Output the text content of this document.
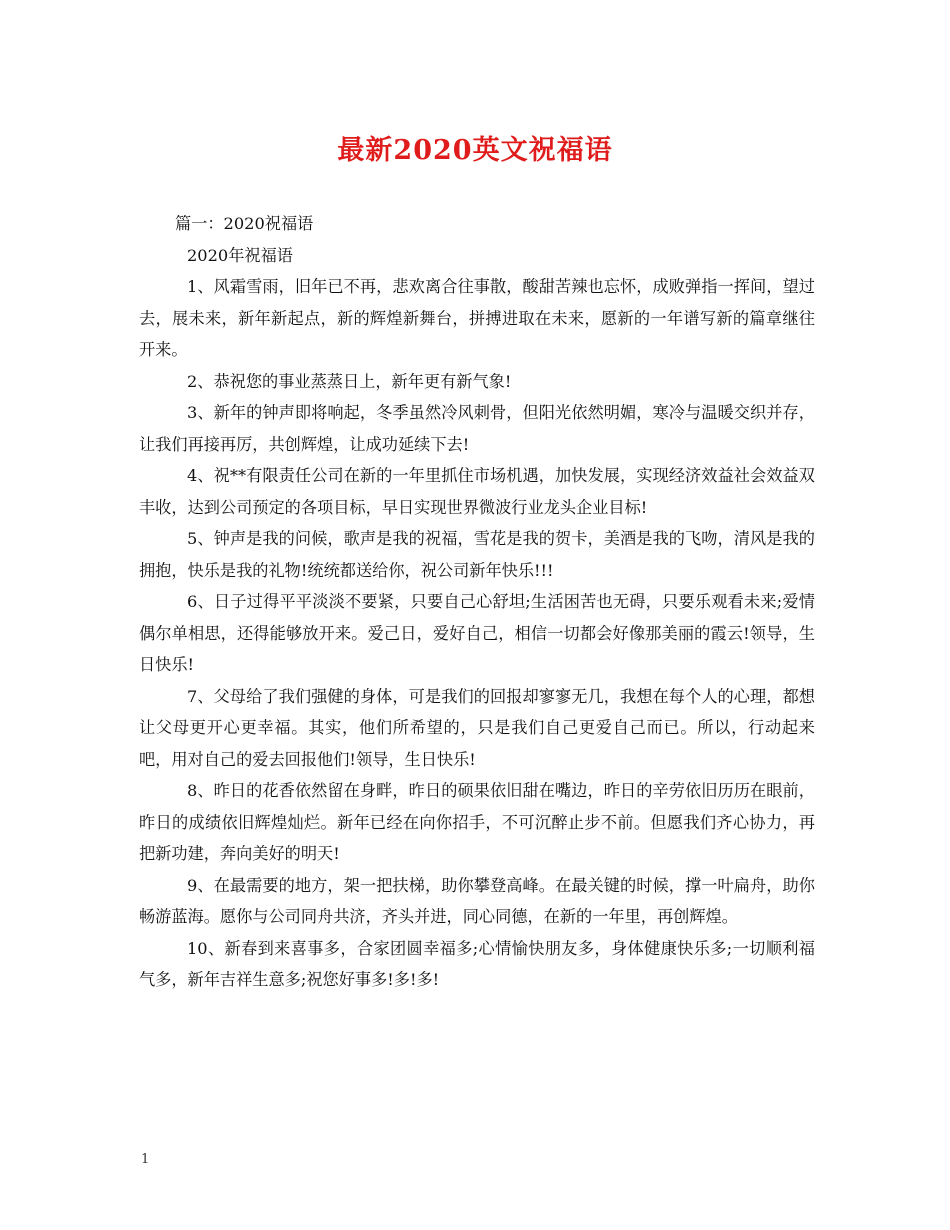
最新2020英文祝福语
篇一：2020祝福语
2020年祝福语

1、风霜雪雨，旧年已不再，悲欢离合往事散，酸甜苦辣也忘怀，成败弹指一挥间，望过去，展未来，新年新起点，新的辉煌新舞台，拼搏进取在未来，愿新的一年谱写新的篇章继往开来。

2、恭祝您的事业蒸蒸日上，新年更有新气象!

3、新年的钟声即将响起，冬季虽然冷风刺骨，但阳光依然明媚，寒冷与温暖交织并存，让我们再接再厉，共创辉煌，让成功延续下去!

4、祝**有限责任公司在新的一年里抓住市场机遇，加快发展，实现经济效益社会效益双丰收，达到公司预定的各项目标，早日实现世界微波行业龙头企业目标!

5、钟声是我的问候，歌声是我的祝福，雪花是我的贺卡，美酒是我的飞吻，清风是我的拥抱，快乐是我的礼物!统统都送给你，祝公司新年快乐!!!

6、日子过得平平淡淡不要紧，只要自己心舒坦;生活困苦也无碍，只要乐观看未来;爱情偶尔单相思，还得能够放开来。爱己日，爱好自己，相信一切都会好像那美丽的霞云!领导，生日快乐!

7、父母给了我们强健的身体，可是我们的回报却寥寥无几，我想在每个人的心理，都想让父母更开心更幸福。其实，他们所希望的，只是我们自己更爱自己而已。所以，行动起来吧，用对自己的爱去回报他们!领导，生日快乐!

8、昨日的花香依然留在身畔，昨日的硕果依旧甜在嘴边，昨日的辛劳依旧历历在眼前，昨日的成绩依旧辉煌灿烂。新年已经在向你招手，不可沉醉止步不前。但愿我们齐心协力，再把新功建，奔向美好的明天!

9、在最需要的地方，架一把扶梯，助你攀登高峰。在最关键的时候，撑一叶扁舟，助你畅游蓝海。愿你与公司同舟共济，齐头并进，同心同德，在新的一年里，再创辉煌。

10、新春到来喜事多，合家团圆幸福多;心情愉快朋友多，身体健康快乐多;一切顺利福气多，新年吉祥生意多;祝您好事多!多!多!

1
